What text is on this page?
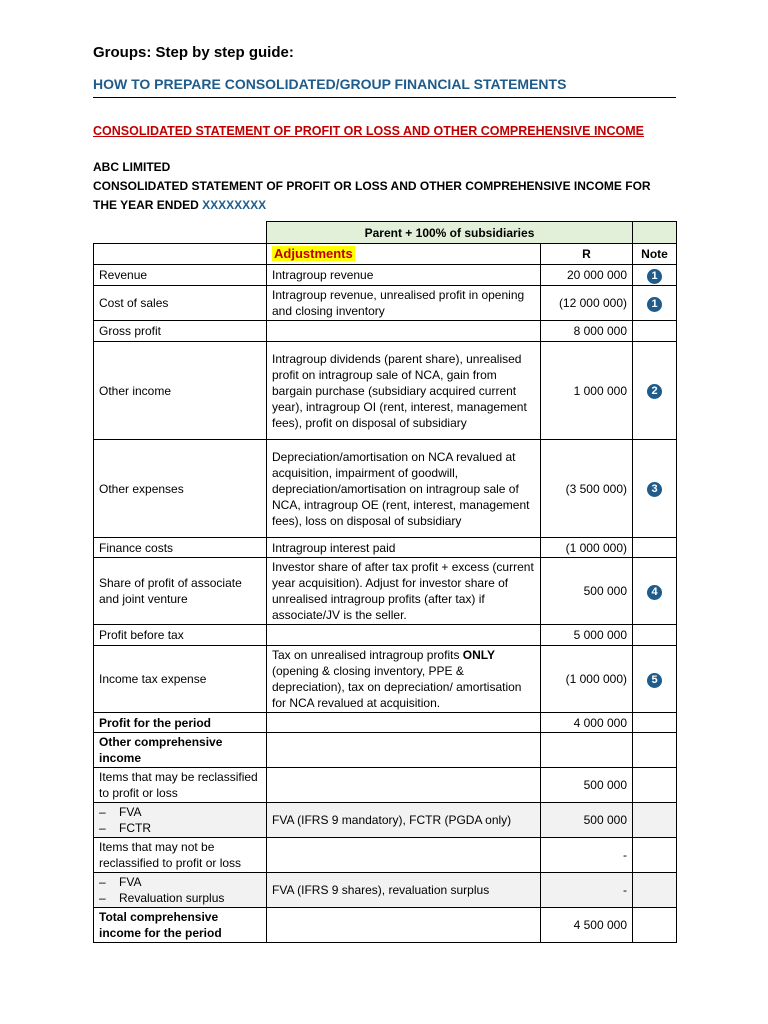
Groups: Step by step guide:
HOW TO PREPARE CONSOLIDATED/GROUP FINANCIAL STATEMENTS
CONSOLIDATED STATEMENT OF PROFIT OR LOSS AND OTHER COMPREHENSIVE INCOME
ABC LIMITED
CONSOLIDATED STATEMENT OF PROFIT OR LOSS AND OTHER COMPREHENSIVE INCOME FOR THE YEAR ENDED XXXXXXXX
	Parent + 100% of subsidiaries		
	Adjustments	R	Note
Revenue	Intragroup revenue	20 000 000	1
Cost of sales	Intragroup revenue, unrealised profit in opening and closing inventory	(12 000 000)	1
Gross profit		8 000 000	
Other income	Intragroup dividends (parent share), unrealised profit on intragroup sale of NCA, gain from bargain purchase (subsidiary acquired current year), intragroup OI (rent, interest, management fees), profit on disposal of subsidiary	1 000 000	2
Other expenses	Depreciation/amortisation on NCA revalued at acquisition, impairment of goodwill, depreciation/amortisation on intragroup sale of NCA, intragroup OE (rent, interest, management fees), loss on disposal of subsidiary	(3 500 000)	3
Finance costs	Intragroup interest paid	(1 000 000)	
Share of profit of associate and joint venture	Investor share of after tax profit + excess (current year acquisition). Adjust for investor share of unrealised intragroup profits (after tax) if associate/JV is the seller.	500 000	4
Profit before tax		5 000 000	
Income tax expense	Tax on unrealised intragroup profits ONLY (opening & closing inventory, PPE & depreciation), tax on depreciation/ amortisation for NCA revalued at acquisition.	(1 000 000)	5
Profit for the period		4 000 000	
Other comprehensive income			
Items that may be reclassified to profit or loss		500 000	
– FVA
– FCTR	FVA (IFRS 9 mandatory), FCTR (PGDA only)	500 000	
Items that may not be reclassified to profit or loss		-	
– FVA
– Revaluation surplus	FVA (IFRS 9 shares), revaluation surplus	-	
Total comprehensive income for the period		4 500 000	
